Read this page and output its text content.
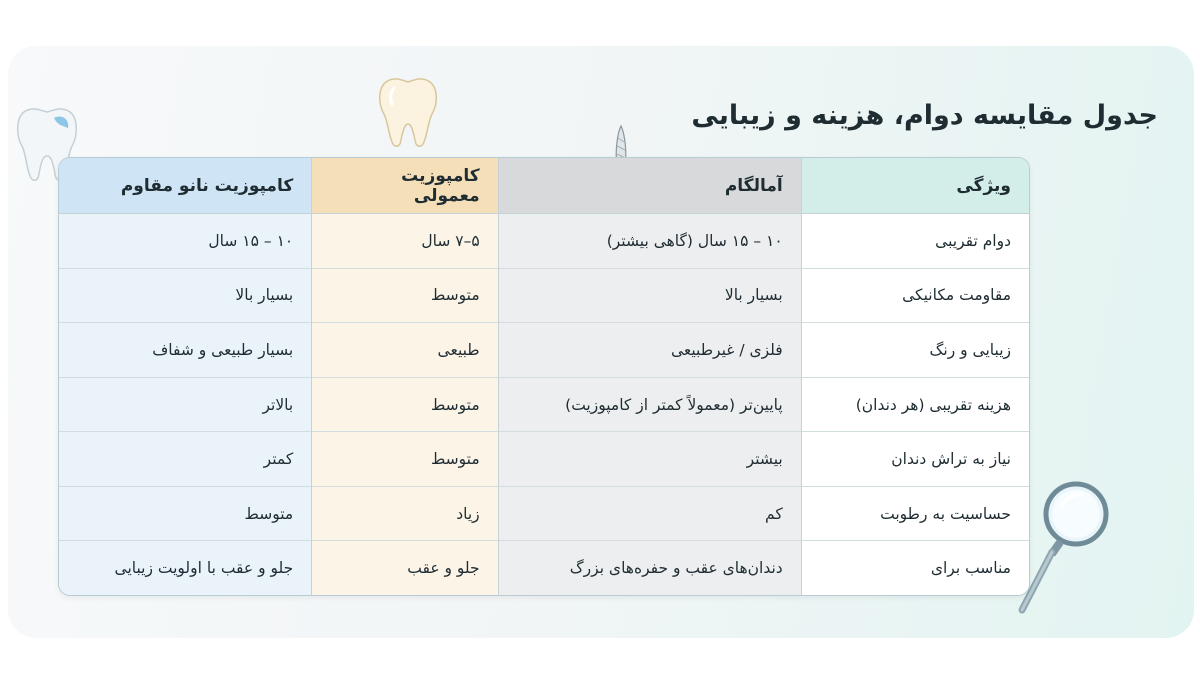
جدول مقایسه دوام، هزینه و زیبایی
ویژگی
دوام تقریبی
مقاومت مکانیکی
زیبایی و رنگ
هزینه تقریبی (هر دندان)
نیاز به تراش دندان
حساسیت به رطوبت
مناسب برای
آمالگام
۱۰ – ۱۵ سال (گاهی بیشتر)
بسیار بالا
فلزی / غیرطبیعی
پایین‌تر (معمولاً کمتر از کامپوزیت)
بیشتر
کم
دندان‌های عقب و حفره‌های بزرگ
کامپوزیت معمولی
۵–۷ سال
متوسط
طبیعی
متوسط
متوسط
زیاد
جلو و عقب
کامپوزیت نانو مقاوم
۱۰ – ۱۵ سال
بسیار بالا
بسیار طبیعی و شفاف
بالاتر
کمتر
متوسط
جلو و عقب با اولویت زیبایی
